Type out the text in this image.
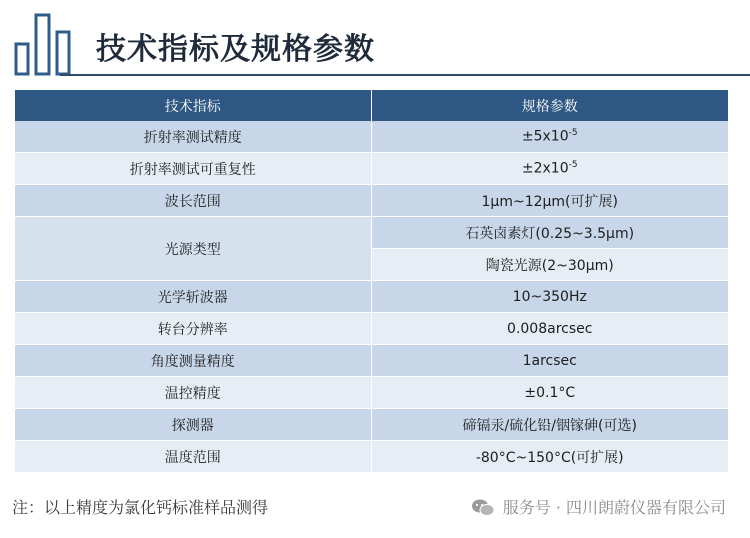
技术指标及规格参数
技术指标	规格参数
折射率测试精度	$\pm 5x10^{-5}$
折射率测试可重复性	$\pm 2x10^{-5}$
波长范围	1μm~12μm(可扩展)
光源类型	石英卤素灯(0.25~3.5μm)
	陶瓷光源(2~30μm)
光学斩波器	10~350Hz
转台分辨率	0.008arcsec
角度测量精度	1arcsec
温控精度	±0.1°C
探测器	碲镉汞/硫化铅/铟镓砷(可选)
温度范围	-80°C~150°C(可扩展)
注：以上精度为氯化钙标准样品测得	服务号 · 四川朗蔚仪器有限公司
